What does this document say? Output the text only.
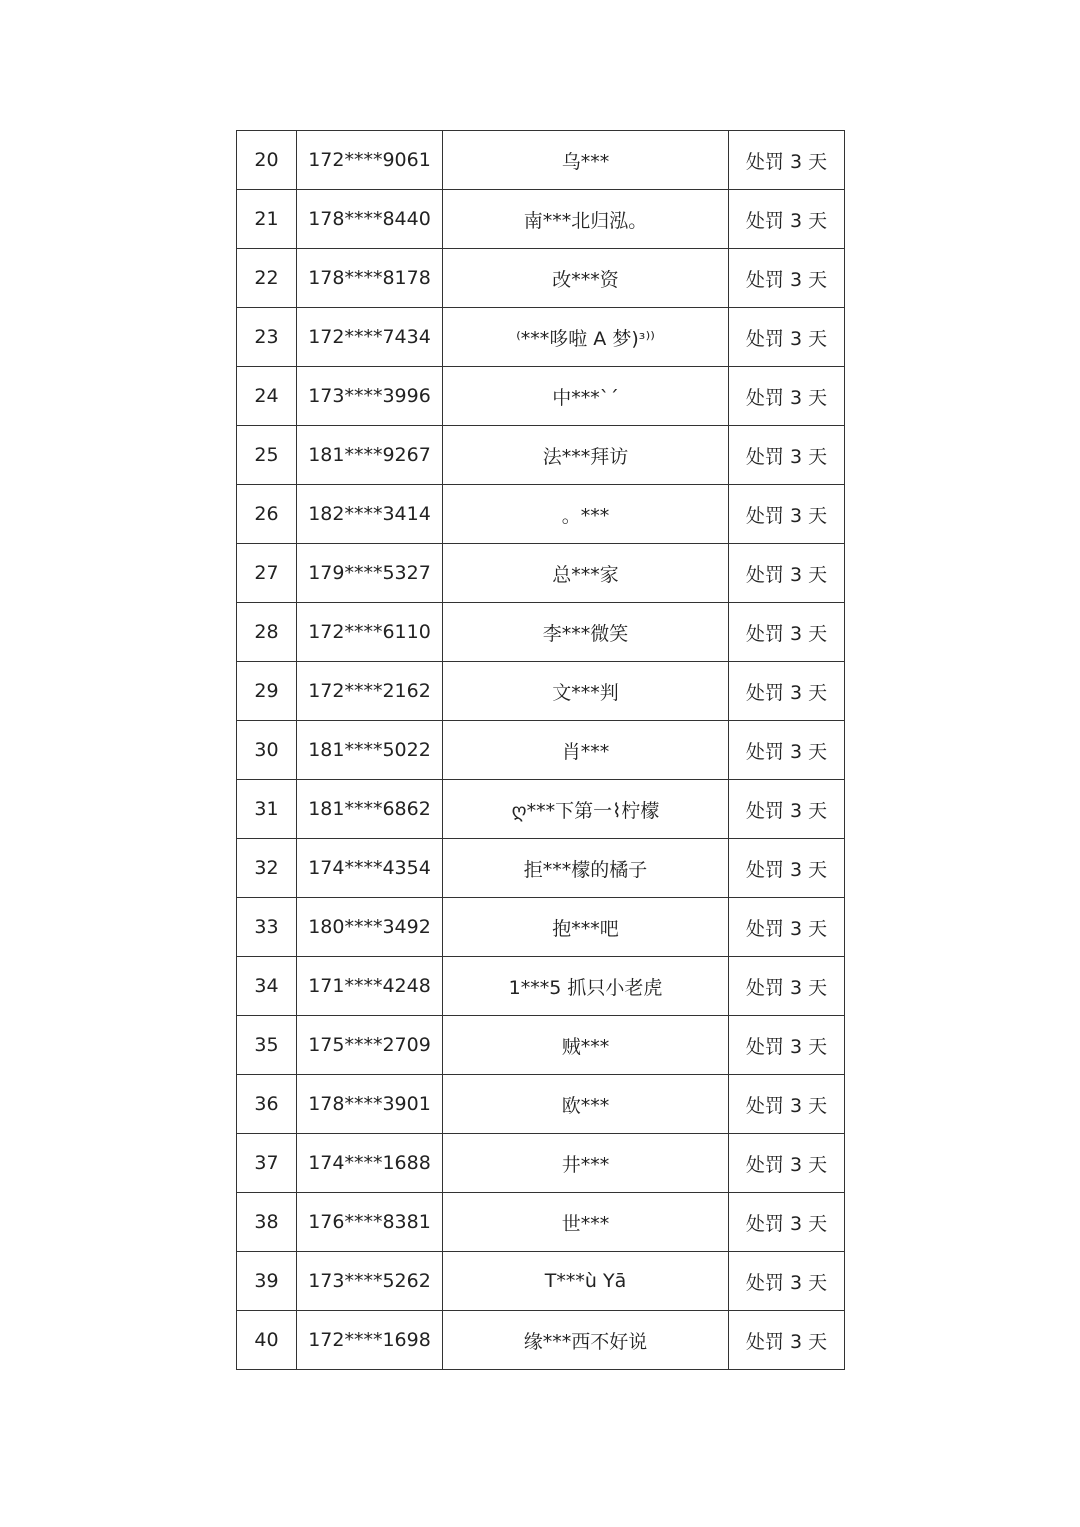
20	172****9061	乌***	处罚 3 天
21	178****8440	南***北归泓。	处罚 3 天
22	178****8178	改***资	处罚 3 天
23	172****7434	⁽***哆啦 A 梦)ᶟ⁾⁾	处罚 3 天
24	173****3996	中***ˋˊ	处罚 3 天
25	181****9267	法***拜访	处罚 3 天
26	182****3414	。***	处罚 3 天
27	179****5327	总***家	处罚 3 天
28	172****6110	李***微笑	处罚 3 天
29	172****2162	文***判	处罚 3 天
30	181****5022	肖***	处罚 3 天
31	181****6862	ღ***下第一⌇柠檬	处罚 3 天
32	174****4354	拒***檬的橘子	处罚 3 天
33	180****3492	抱***吧	处罚 3 天
34	171****4248	1***5 抓只小老虎	处罚 3 天
35	175****2709	贼***	处罚 3 天
36	178****3901	欧***	处罚 3 天
37	174****1688	井***	处罚 3 天
38	176****8381	世***	处罚 3 天
39	173****5262	T***ù Yā	处罚 3 天
40	172****1698	缘***西不好说	处罚 3 天
